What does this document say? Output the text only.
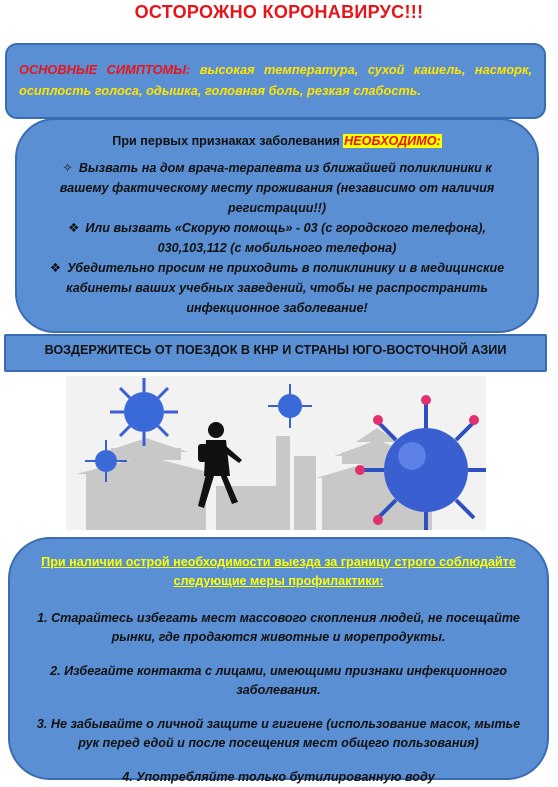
ОСТОРОЖНО КОРОНАВИРУС!!!
ОСНОВНЫЕ СИМПТОМЫ: высокая температура, сухой кашель, насморк, осиплость голоса, одышка, головная боль, резкая слабость.
При первых признаках заболевания НЕОБХОДИМО:
✧ Вызвать на дом врача-терапевта из ближайшей поликлиники к вашему фактическому месту проживания (независимо от наличия регистрации!!)
❖ Или вызвать «Скорую помощь» - 03 (с городского телефона), 030,103,112 (с мобильного телефона)
❖ Убедительно просим не приходить в поликлинику и в медицинские кабинеты ваших учебных заведений, чтобы не распространить инфекционное заболевание!
ВОЗДЕРЖИТЕСЬ ОТ ПОЕЗДОК В КНР И СТРАНЫ ЮГО-ВОСТОЧНОЙ АЗИИ
При наличии острой необходимости выезда за границу строго соблюдайте следующие меры профилактики:
1. Старайтесь избегать мест массового скопления людей, не посещайте рынки, где продаются животные и морепродукты.
2. Избегайте контакта с лицами, имеющими признаки инфекционного заболевания.
3. Не забывайте о личной защите и гигиене (использование масок, мытье рук перед едой и после посещения мест общего пользования)
4. Употребляйте только бутилированную воду
